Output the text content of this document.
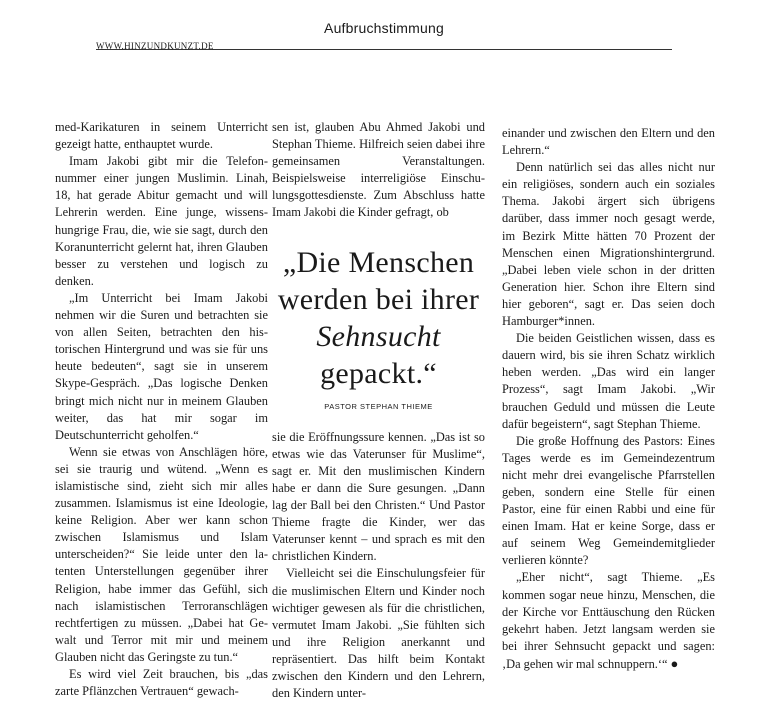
Aufbruchstimmung
WWW.HINZUNDKUNZT.DE

med-Karikaturen in seinem Unterricht gezeigt hatte, enthauptet wurde.

Imam Jakobi gibt mir die Telefonnummer einer jungen Muslimin. Linah, 18, hat gerade Abitur gemacht und will Lehrerin werden. Eine junge, wissenshungrige Frau, die, wie sie sagt, durch den Koranunterricht gelernt hat, ihren Glauben besser zu verstehen und logisch zu denken.

„Im Unterricht bei Imam Jakobi nehmen wir die Suren und betrachten sie von allen Seiten, betrachten den historischen Hintergrund und was sie für uns heute bedeuten“, sagt sie in unserem Skype-Gespräch. „Das logische Denken bringt mich nicht nur in meinem Glauben weiter, das hat mir sogar im Deutschunterricht geholfen.“

Wenn sie etwas von Anschlägen höre, sei sie traurig und wütend. „Wenn es islamistische sind, zieht sich mir alles zusammen. Islamismus ist eine Ideologie, keine Religion. Aber wer kann schon zwischen Islamismus und Islam unterscheiden?“ Sie leide unter den latenten Unterstellungen gegenüber ihrer Religion, habe immer das Gefühl, sich nach islamistischen Terroranschlägen rechtfertigen zu müssen. „Dabei hat Gewalt und Terror mit mir und meinem Glauben nicht das Geringste zu tun.“

Es wird viel Zeit brauchen, bis „das zarte Pflänzchen Vertrauen“ gewach-

sen ist, glauben Abu Ahmed Jakobi und Stephan Thieme. Hilfreich seien dabei ihre gemeinsamen Veranstaltungen. Beispielsweise interreligiöse Einschulungsgottesdienste. Zum Abschluss hatte Imam Jakobi die Kinder gefragt, ob

„Die Menschen werden bei ihrer Sehnsucht gepackt.“
PASTOR STEPHAN THIEME

sie die Eröffnungssure kennen. „Das ist so etwas wie das Vaterunser für Muslime“, sagt er. Mit den muslimischen Kindern habe er dann die Sure gesungen. „Dann lag der Ball bei den Christen.“ Und Pastor Thieme fragte die Kinder, wer das Vaterunser kennt – und sprach es mit den christlichen Kindern.

Vielleicht sei die Einschulungsfeier für die muslimischen Eltern und Kinder noch wichtiger gewesen als für die christlichen, vermutet Imam Jakobi. „Sie fühlten sich und ihre Religion anerkannt und repräsentiert. Das hilft beim Kontakt zwischen den Kindern und den Lehrern, den Kindern unter-

einander und zwischen den Eltern und den Lehrern.“

Denn natürlich sei das alles nicht nur ein religiöses, sondern auch ein soziales Thema. Jakobi ärgert sich übrigens darüber, dass immer noch gesagt werde, im Bezirk Mitte hätten 70 Prozent der Menschen einen Migrationshintergrund. „Dabei leben viele schon in der dritten Generation hier. Schon ihre Eltern sind hier geboren“, sagt er. Das seien doch Hamburger*innen.

Die beiden Geistlichen wissen, dass es dauern wird, bis sie ihren Schatz wirklich heben werden. „Das wird ein langer Prozess“, sagt Imam Jakobi. „Wir brauchen Geduld und müssen die Leute dafür begeistern“, sagt Stephan Thieme.

Die große Hoffnung des Pastors: Eines Tages werde es im Gemeindezentrum nicht mehr drei evangelische Pfarrstellen geben, sondern eine Stelle für einen Pastor, eine für einen Rabbi und eine für einen Imam. Hat er keine Sorge, dass er auf seinem Weg Gemeindemitglieder verlieren könnte?

„Eher nicht“, sagt Thieme. „Es kommen sogar neue hinzu, Menschen, die der Kirche vor Enttäuschung den Rücken gekehrt haben. Jetzt langsam werden sie bei ihrer Sehnsucht gepackt und sagen: ‚Da gehen wir mal schnuppern.‘“ ●
